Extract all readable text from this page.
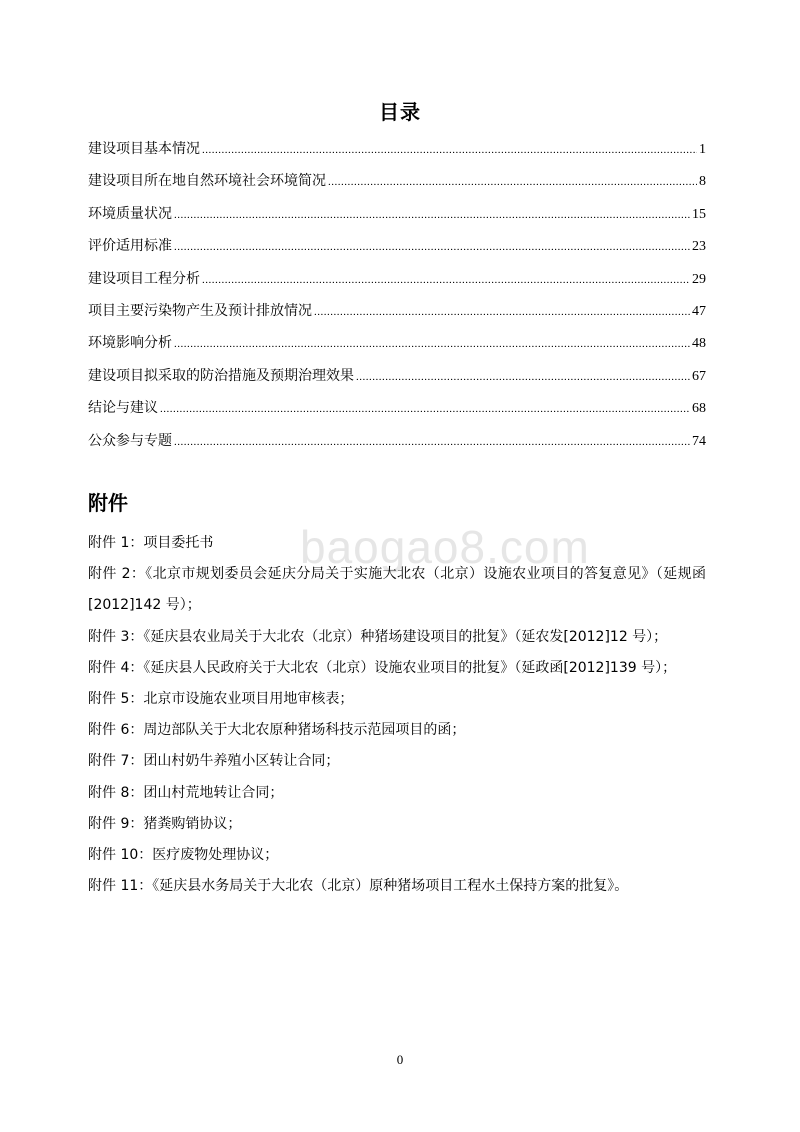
baogao8.com
目录
建设项目基本情况 .....	1
建设项目所在地自然环境社会环境简况 .....	8
环境质量状况 .....	15
评价适用标准 .....	23
建设项目工程分析 .....	29
项目主要污染物产生及预计排放情况 .....	47
环境影响分析 .....	48
建设项目拟采取的防治措施及预期治理效果 .....	67
结论与建议 .....	68
公众参与专题 .....	74
附件

附件 1：项目委托书

附件 2：《北京市规划委员会延庆分局关于实施大北农（北京）设施农业项目的答复意见》（延规函[2012]142 号）；

附件 3：《延庆县农业局关于大北农（北京）种猪场建设项目的批复》（延农发[2012]12 号）；

附件 4：《延庆县人民政府关于大北农（北京）设施农业项目的批复》（延政函[2012]139 号）；

附件 5：北京市设施农业项目用地审核表；

附件 6：周边部队关于大北农原种猪场科技示范园项目的函；

附件 7：团山村奶牛养殖小区转让合同；

附件 8：团山村荒地转让合同；

附件 9：猪粪购销协议；

附件 10：医疗废物处理协议；

附件 11：《延庆县水务局关于大北农（北京）原种猪场项目工程水土保持方案的批复》。

0
